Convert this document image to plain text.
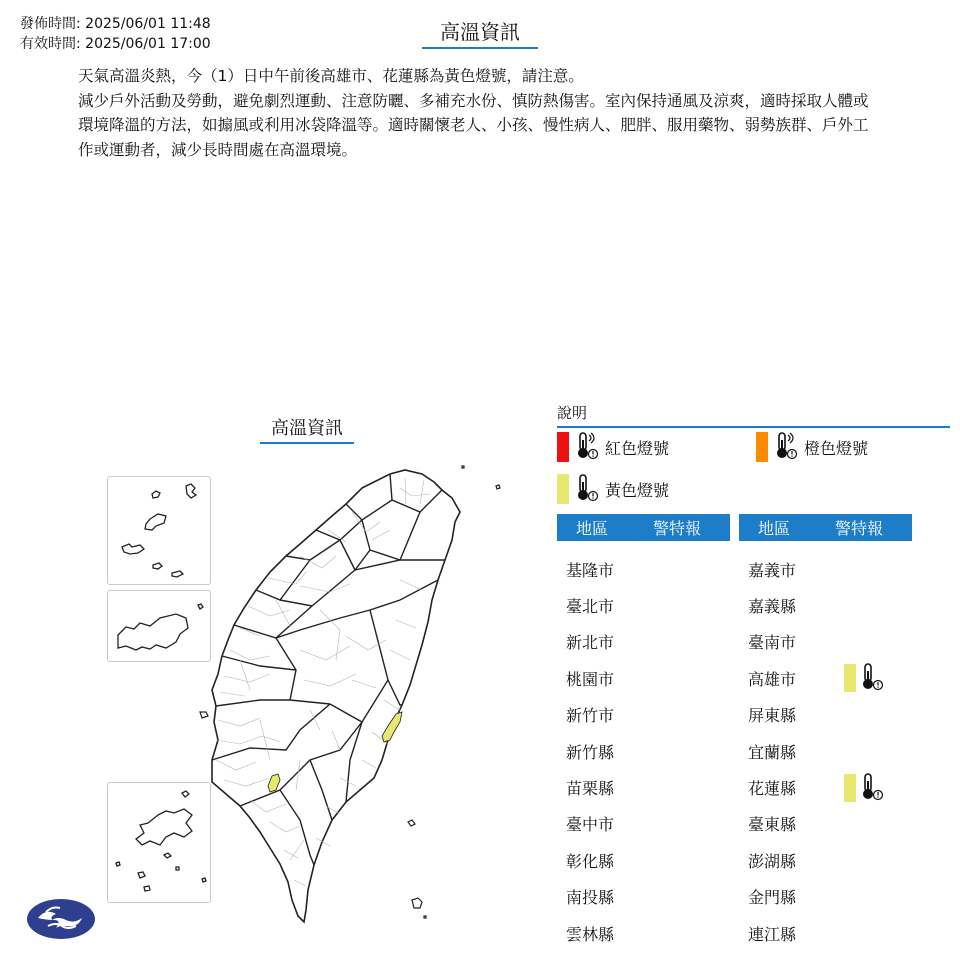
發佈時間: 2025/06/01 11:48
有效時間: 2025/06/01 17:00	高溫資訊

天氣高溫炎熱，今（1）日中午前後高雄市、花蓮縣為黃色燈號，請注意。

減少戶外活動及勞動，避免劇烈運動、注意防曬、多補充水份、慎防熱傷害。室內保持通風及涼爽，適時採取人體或環境降溫的方法，如搧風或利用冰袋降溫等。適時關懷老人、小孩、慢性病人、肥胖、服用藥物、弱勢族群、戶外工作或運動者，減少長時間處在高溫環境。

高溫資訊
說明
紅色燈號	橙色燈號
黃色燈號
地區	警特報
基隆市
臺北市
新北市
桃園市
新竹市
新竹縣
苗栗縣
臺中市
彰化縣
南投縣
雲林縣
地區	警特報
嘉義市
嘉義縣
臺南市
高雄市
屏東縣
宜蘭縣
花蓮縣
臺東縣
澎湖縣
金門縣
連江縣
